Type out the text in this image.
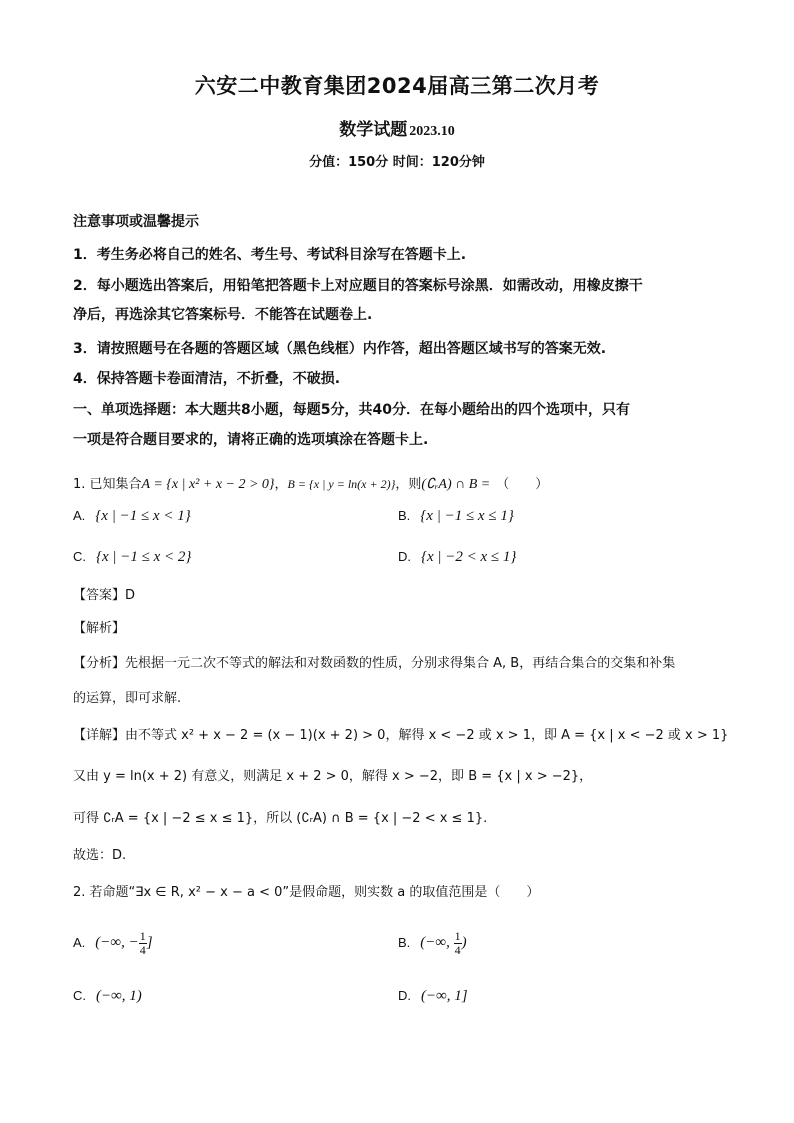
六安二中教育集团2024届高三第二次月考
数学试题 2023.10
分值：150分 时间：120分钟
注意事项或温馨提示
1．考生务必将自己的姓名、考生号、考试科目涂写在答题卡上.
2．每小题选出答案后，用铅笔把答题卡上对应题目的答案标号涂黑．如需改动，用橡皮擦干
净后，再选涂其它答案标号．不能答在试题卷上.
3．请按照题号在各题的答题区域（黑色线框）内作答，超出答题区域书写的答案无效.
4．保持答题卡卷面清洁，不折叠，不破损.
一、单项选择题：本大题共8小题，每题5分，共40分．在每小题给出的四个选项中，只有
一项是符合题目要求的，请将正确的选项填涂在答题卡上.
1. 已知集合A = {x | x² + x − 2 > 0}，B = {x | y = ln(x + 2)}，则(∁ᵣA) ∩ B = （　　）
A. {x | −1 ≤ x < 1}	B. {x | −1 ≤ x ≤ 1}
C. {x | −1 ≤ x < 2}	D. {x | −2 < x ≤ 1}
【答案】D
【解析】
【分析】先根据一元二次不等式的解法和对数函数的性质，分别求得集合 A, B，再结合集合的交集和补集
的运算，即可求解.
【详解】由不等式 x² + x − 2 = (x − 1)(x + 2) > 0，解得 x < −2 或 x > 1，即 A = {x | x < −2 或 x > 1}
又由 y = ln(x + 2) 有意义，则满足 x + 2 > 0，解得 x > −2，即 B = {x | x > −2}，
可得 ∁ᵣA = {x | −2 ≤ x ≤ 1}，所以 (∁ᵣA) ∩ B = {x | −2 < x ≤ 1}.
故选：D.
2. 若命题“∃x ∈ R, x² − x − a < 0”是假命题，则实数 a 的取值范围是（　　）
A. (−∞, − $\frac{1}{4}$ ]	B. (−∞, $\frac{1}{4}$ )
C. (−∞, 1)	D. (−∞, 1]
